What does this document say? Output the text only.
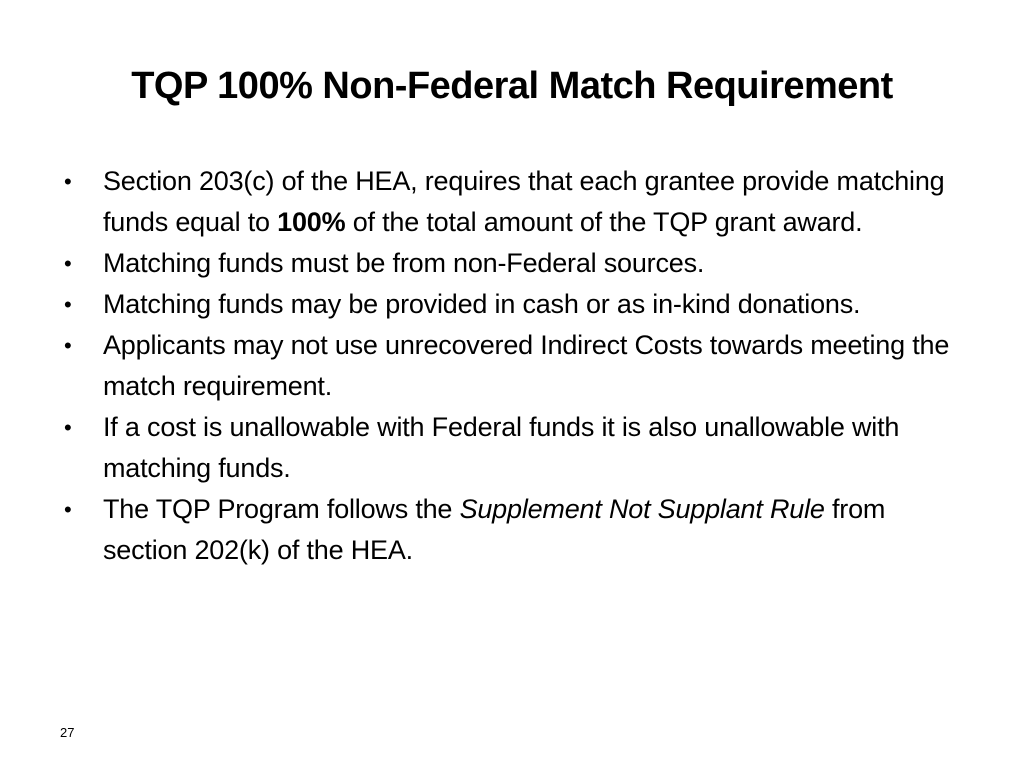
TQP 100% Non-Federal Match Requirement
•	Section 203(c) of the HEA, requires that each grantee provide matching funds equal to 100% of the total amount of the TQP grant award.
•	Matching funds must be from non-Federal sources.
•	Matching funds may be provided in cash or as in-kind donations.
•	Applicants may not use unrecovered Indirect Costs towards meeting the match requirement.
•	If a cost is unallowable with Federal funds it is also unallowable with matching funds.
•	The TQP Program follows the Supplement Not Supplant Rule from section 202(k) of the HEA.
27
